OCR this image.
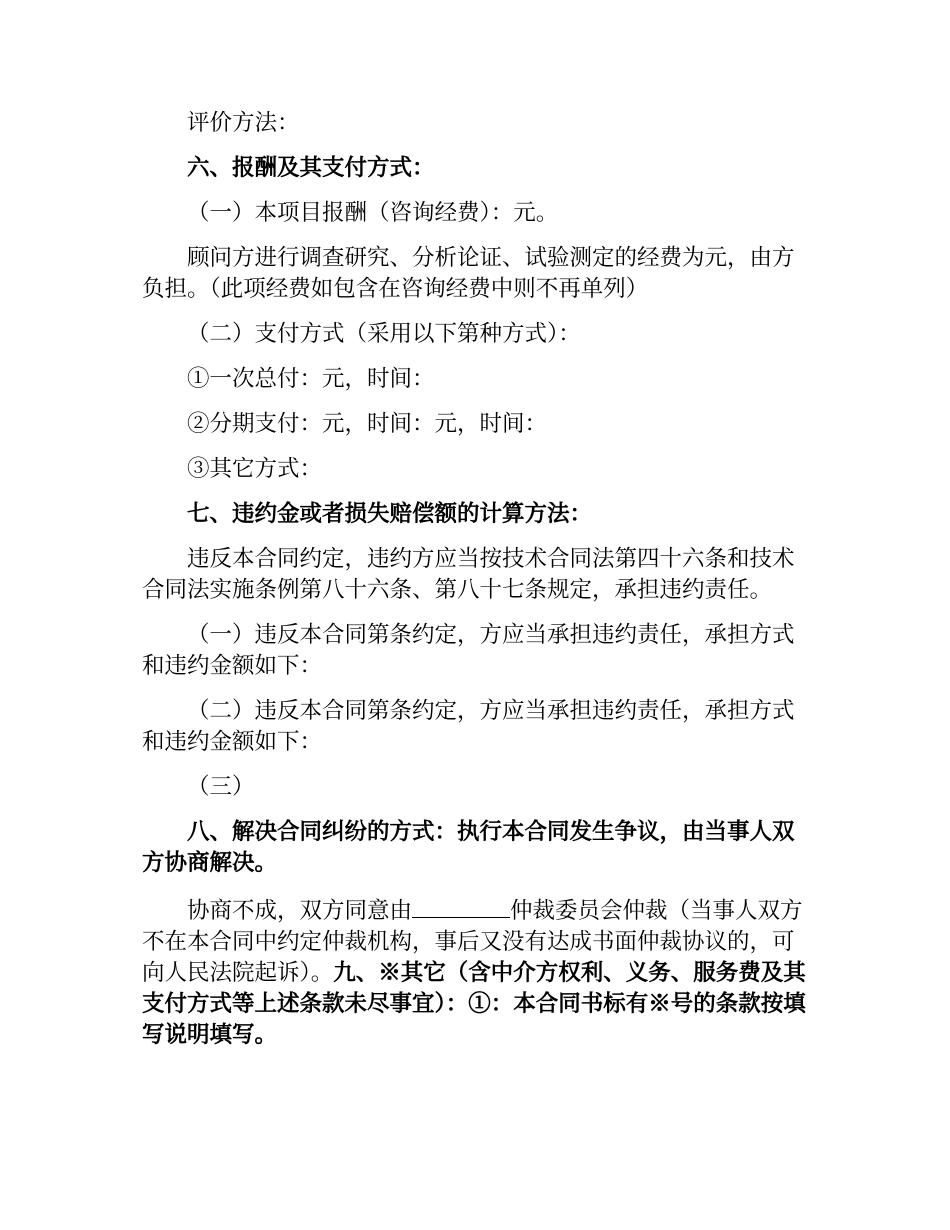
评价方法：

六、报酬及其支付方式：

（一）本项目报酬（咨询经费）：元。

顾问方进行调查研究、分析论证、试验测定的经费为元，由方负担。（此项经费如包含在咨询经费中则不再单列）

（二）支付方式（采用以下第种方式）：

①一次总付：元，时间：

②分期支付：元，时间：元，时间：

③其它方式：

七、违约金或者损失赔偿额的计算方法：

违反本合同约定，违约方应当按技术合同法第四十六条和技术合同法实施条例第八十六条、第八十七条规定，承担违约责任。

（一）违反本合同第条约定，方应当承担违约责任，承担方式和违约金额如下：

（二）违反本合同第条约定，方应当承担违约责任，承担方式和违约金额如下：

（三）

八、解决合同纠纷的方式：执行本合同发生争议，由当事人双方协商解决。

协商不成，双方同意由	仲裁委员会仲裁（当事人双方不在本合同中约定仲裁机构，事后又没有达成书面仲裁协议的，可向人民法院起诉）。九、※其它（含中介方权利、义务、服务费及其支付方式等上述条款未尽事宜）：①：本合同书标有※号的条款按填写说明填写。
